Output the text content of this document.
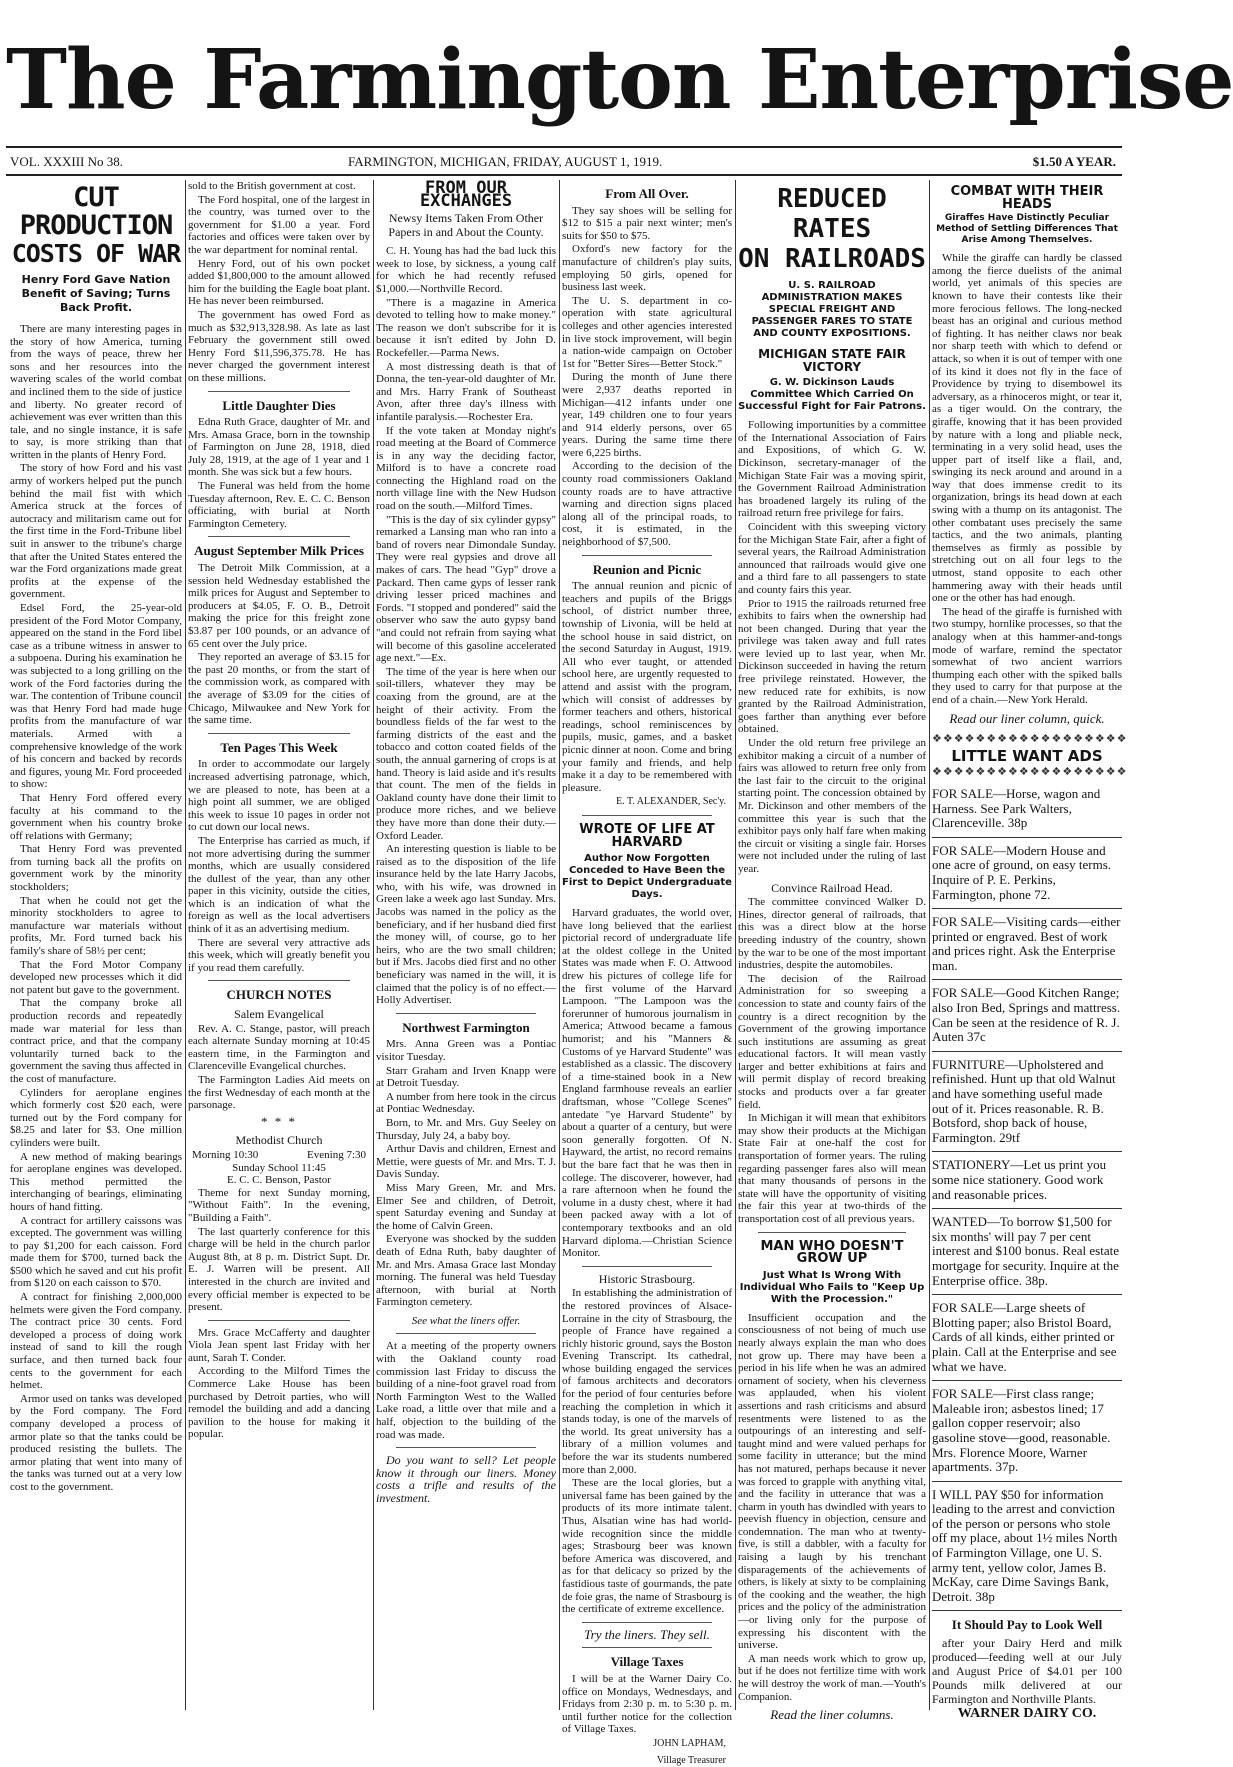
The Farmington Enterprise
VOL. XXXIII No 38.	FARMINGTON, MICHIGAN, FRIDAY, AUGUST 1, 1919.	$1.50 A YEAR.
CUT PRODUCTION
COSTS OF WAR
Henry Ford Gave Nation Benefit of Saving; Turns Back Profit.

There are many interesting pages in the story of how America, turning from the ways of peace, threw her sons and her resources into the wavering scales of the world combat and inclined them to the side of justice and liberty. No greater record of achievement was ever written than this tale, and no single instance, it is safe to say, is more striking than that written in the plants of Henry Ford.

The story of how Ford and his vast army of workers helped put the punch behind the mail fist with which America struck at the forces of autocracy and militarism came out for the first time in the Ford-Tribune libel suit in answer to the tribune's charge that after the United States entered the war the Ford organizations made great profits at the expense of the government.

Edsel Ford, the 25-year-old president of the Ford Motor Company, appeared on the stand in the Ford libel case as a tribune witness in answer to a subpoena. During his examination he was subjected to a long grilling on the work of the Ford factories during the war. The contention of Tribune council was that Henry Ford had made huge profits from the manufacture of war materials. Armed with a comprehensive knowledge of the work of his concern and backed by records and figures, young Mr. Ford proceeded to show:

That Henry Ford offered every faculty at his command to the government when his country broke off relations with Germany;

That Henry Ford was prevented from turning back all the profits on government work by the minority stockholders;

That when he could not get the minority stockholders to agree to manufacture war materials without profits, Mr. Ford turned back his family's share of 58½ per cent;

That the Ford Motor Company developed new processes which it did not patent but gave to the government.

That the company broke all production records and repeatedly made war material for less than contract price, and that the company voluntarily turned back to the government the saving thus affected in the cost of manufacture.

Cylinders for aeroplane engines which formerly cost $20 each, were turned out by the Ford company for $8.25 and later for $3. One million cylinders were built.

A new method of making bearings for aeroplane engines was developed. This method permitted the interchanging of bearings, eliminating hours of hand fitting.

A contract for artillery caissons was excepted. The government was willing to pay $1,200 for each caisson. Ford made them for $700, turned back the $500 which he saved and cut his profit from $120 on each caisson to $70.

A contract for finishing 2,000,000 helmets were given the Ford company. The contract price 30 cents. Ford developed a process of doing work instead of sand to kill the rough surface, and then turned back four cents to the government for each helmet.

Armor used on tanks was developed by the Ford company. The Ford company developed a process of armor plate so that the tanks could be produced resisting the bullets. The armor plating that went into many of the tanks was turned out at a very low cost to the government.

sold to the British government at cost.

The Ford hospital, one of the largest in the country, was turned over to the government for $1.00 a year. Ford factories and offices were taken over by the war department for nominal rental.

Henry Ford, out of his own pocket added $1,800,000 to the amount allowed him for the building the Eagle boat plant. He has never been reimbursed.

The government has owed Ford as much as $32,913,328.98. As late as last February the government still owed Henry Ford $11,596,375.78. He has never charged the government interest on these millions.

Little Daughter Dies

Edna Ruth Grace, daughter of Mr. and Mrs. Amasa Grace, born in the township of Farmington on June 28, 1918, died July 28, 1919, at the age of 1 year and 1 month. She was sick but a few hours.

The Funeral was held from the home Tuesday afternoon, Rev. E. C. C. Benson officiating, with burial at North Farmington Cemetery.

August September Milk Prices

The Detroit Milk Commission, at a session held Wednesday established the milk prices for August and September to producers at $4.05, F. O. B., Detroit making the price for this freight zone $3.87 per 100 pounds, or an advance of 65 cent over the July price.

They reported an average of $3.15 for the past 20 months, or from the start of the commission work, as compared with the average of $3.09 for the cities of Chicago, Milwaukee and New York for the same time.

Ten Pages This Week

In order to accommodate our largely increased advertising patronage, which, we are pleased to note, has been at a high point all summer, we are obliged this week to issue 10 pages in order not to cut down our local news.

The Enterprise has carried as much, if not more advertising during the summer months, which are usually considered the dullest of the year, than any other paper in this vicinity, outside the cities, which is an indication of what the foreign as well as the local advertisers think of it as an advertising medium.

There are several very attractive ads this week, which will greatly benefit you if you read them carefully.

CHURCH NOTES
Salem Evangelical

Rev. A. C. Stange, pastor, will preach each alternate Sunday morning at 10:45 eastern time, in the Farmington and Clarenceville Evangelical churches.

The Farmington Ladies Aid meets on the first Wednesday of each month at the parsonage.

* * *
Methodist Church
Morning 10:30	Evening 7:30
Sunday School 11:45
E. C. C. Benson, Pastor

Theme for next Sunday morning, "Without Faith". In the evening, "Building a Faith".

The last quarterly conference for this charge will be held in the church parlor August 8th, at 8 p. m. District Supt. Dr. E. J. Warren will be present. All interested in the church are invited and every official member is expected to be present.

Mrs. Grace McCafferty and daughter Viola Jean spent last Friday with her aunt, Sarah T. Conder.

According to the Milford Times the Commerce Lake House has been purchased by Detroit parties, who will remodel the building and add a dancing pavilion to the house for making it popular.

FROM OUR EXCHANGES
Newsy Items Taken From Other Papers in and About the County.

C. H. Young has had the bad luck this week to lose, by sickness, a young calf for which he had recently refused $1,000.—Northville Record.

"There is a magazine in America devoted to telling how to make money." The reason we don't subscribe for it is because it isn't edited by John D. Rockefeller.—Parma News.

A most distressing death is that of Donna, the ten-year-old daughter of Mr. and Mrs. Harry Frank of Southeast Avon, after three day's illness with infantile paralysis.—Rochester Era.

If the vote taken at Monday night's road meeting at the Board of Commerce is in any way the deciding factor, Milford is to have a concrete road connecting the Highland road on the north village line with the New Hudson road on the south.—Milford Times.

"This is the day of six cylinder gypsy" remarked a Lansing man who ran into a band of rovers near Dimondale Sunday. They were real gypsies and drove all makes of cars. The head "Gyp" drove a Packard. Then came gyps of lesser rank driving lesser priced machines and Fords. "I stopped and pondered" said the observer who saw the auto gypsy band "and could not refrain from saying what will become of this gasoline accelerated age next."—Ex.

The time of the year is here when our soil-tillers, whatever they may be coaxing from the ground, are at the height of their activity. From the boundless fields of the far west to the farming districts of the east and the tobacco and cotton coated fields of the south, the annual garnering of crops is at hand. Theory is laid aside and it's results that count. The men of the fields in Oakland county have done their limit to produce more riches, and we believe they have more than done their duty.—Oxford Leader.

An interesting question is liable to be raised as to the disposition of the life insurance held by the late Harry Jacobs, who, with his wife, was drowned in Green lake a week ago last Sunday. Mrs. Jacobs was named in the policy as the beneficiary, and if her husband died first the money will, of course, go to her heirs, who are the two small children; but if Mrs. Jacobs died first and no other beneficiary was named in the will, it is claimed that the policy is of no effect.—Holly Advertiser.

Northwest Farmington

Mrs. Anna Green was a Pontiac visitor Tuesday.

Starr Graham and Irven Knapp were at Detroit Tuesday.

A number from here took in the circus at Pontiac Wednesday.

Born, to Mr. and Mrs. Guy Seeley on Thursday, July 24, a baby boy.

Arthur Davis and children, Ernest and Mettie, were guests of Mr. and Mrs. T. J. Davis Sunday.

Miss Mary Green, Mr. and Mrs. Elmer See and children, of Detroit, spent Saturday evening and Sunday at the home of Calvin Green.

Everyone was shocked by the sudden death of Edna Ruth, baby daughter of Mr. and Mrs. Amasa Grace last Monday morning. The funeral was held Tuesday afternoon, with burial at North Farmington cemetery.

See what the liners offer.

At a meeting of the property owners with the Oakland county road commission last Friday to discuss the building of a nine-foot gravel road from North Farmington West to the Walled Lake road, a little over that mile and a half, objection to the building of the road was made.

Do you want to sell? Let people know it through our liners. Money costs a trifle and results of the investment.

From All Over.

They say shoes will be selling for $12 to $15 a pair next winter; men's suits for $50 to $75.

Oxford's new factory for the manufacture of children's play suits, employing 50 girls, opened for business last week.

The U. S. department in co-operation with state agricultural colleges and other agencies interested in live stock improvement, will begin a nation-wide campaign on October 1st for "Better Sires—Better Stock."

During the month of June there were 2,937 deaths reported in Michigan—412 infants under one year, 149 children one to four years and 914 elderly persons, over 65 years. During the same time there were 6,225 births.

According to the decision of the county road commissioners Oakland county roads are to have attractive warning and direction signs placed along all of the principal roads, to cost, it is estimated, in the neighborhood of $7,500.

Reunion and Picnic

The annual reunion and picnic of teachers and pupils of the Briggs school, of district number three, township of Livonia, will be held at the school house in said district, on the second Saturday in August, 1919. All who ever taught, or attended school here, are urgently requested to attend and assist with the program, which will consist of addresses by former teachers and others, historical readings, school reminiscences by pupils, music, games, and a basket picnic dinner at noon. Come and bring your family and friends, and help make it a day to be remembered with pleasure.

E. T. ALEXANDER, Sec'y.
WROTE OF LIFE AT HARVARD
Author Now Forgotten Conceded to Have Been the First to Depict Undergraduate Days.

Harvard graduates, the world over, have long believed that the earliest pictorial record of undergraduate life at the oldest college in the United States was made when F. O. Attwood drew his pictures of college life for the first volume of the Harvard Lampoon. "The Lampoon was the forerunner of humorous journalism in America; Attwood became a famous humorist; and his "Manners & Customs of ye Harvard Studente" was established as a classic. The discovery of a time-stained book in a New England farmhouse reveals an earlier draftsman, whose "College Scenes" antedate "ye Harvard Studente" by about a quarter of a century, but were soon generally forgotten. Of N. Hayward, the artist, no record remains but the bare fact that he was then in college. The discoverer, however, had a rare afternoon when he found the volume in a dusty chest, where it had been packed away with a lot of contemporary textbooks and an old Harvard diploma.—Christian Science Monitor.

Historic Strasbourg.

In establishing the administration of the restored provinces of Alsace-Lorraine in the city of Strasbourg, the people of France have regained a richly historic ground, says the Boston Evening Transcript. Its cathedral, whose building engaged the services of famous architects and decorators for the period of four centuries before reaching the completion in which it stands today, is one of the marvels of the world. Its great university has a library of a million volumes and before the war its students numbered more than 2,000.

These are the local glories, but a universal fame has been gained by the products of its more intimate talent. Thus, Alsatian wine has had world-wide recognition since the middle ages; Strasbourg beer was known before America was discovered, and as for that delicacy so prized by the fastidious taste of gourmands, the pate de foie gras, the name of Strasbourg is the certificate of extreme excellence.

Try the liners. They sell.
Village Taxes

I will be at the Warner Dairy Co. office on Mondays, Wednesdays, and Fridays from 2:30 p. m. to 5:30 p. m. until further notice for the collection of Village Taxes.

JOHN LAPHAM,
Village Treasurer
REDUCED RATES
ON RAILROADS
U. S. RAILROAD ADMINISTRATION MAKES SPECIAL FREIGHT AND PASSENGER FARES TO STATE AND COUNTY EXPOSITIONS.
MICHIGAN STATE FAIR VICTORY
G. W. Dickinson Lauds Committee Which Carried On Successful Fight for Fair Patrons.

Following importunities by a committee of the International Association of Fairs and Expositions, of which G. W. Dickinson, secretary-manager of the Michigan State Fair was a moving spirit, the Government Railroad Administration has broadened largely its ruling of the railroad return free privilege for fairs.

Coincident with this sweeping victory for the Michigan State Fair, after a fight of several years, the Railroad Administration announced that railroads would give one and a third fare to all passengers to state and county fairs this year.

Prior to 1915 the railroads returned free exhibits to fairs when the ownership had not been changed. During that year the privilege was taken away and full rates were levied up to last year, when Mr. Dickinson succeeded in having the return free privilege reinstated. However, the new reduced rate for exhibits, is now granted by the Railroad Administration, goes farther than anything ever before obtained.

Under the old return free privilege an exhibitor making a circuit of a number of fairs was allowed to return free only from the last fair to the circuit to the original starting point. The concession obtained by Mr. Dickinson and other members of the committee this year is such that the exhibitor pays only half fare when making the circuit or visiting a single fair. Horses were not included under the ruling of last year.

Convince Railroad Head.

The committee convinced Walker D. Hines, director general of railroads, that this was a direct blow at the horse breeding industry of the country, shown by the war to be one of the most important industries, despite the automobiles.

The decision of the Railroad Administration for so sweeping a concession to state and county fairs of the country is a direct recognition by the Government of the growing importance such institutions are assuming as great educational factors. It will mean vastly larger and better exhibitions at fairs and will permit display of record breaking stocks and products over a far greater field.

In Michigan it will mean that exhibitors may show their products at the Michigan State Fair at one-half the cost for transportation of former years. The ruling regarding passenger fares also will mean that many thousands of persons in the state will have the opportunity of visiting the fair this year at two-thirds of the transportation cost of all previous years.

MAN WHO DOESN'T GROW UP
Just What Is Wrong With Individual Who Fails to "Keep Up With the Procession."

Insufficient occupation and the consciousness of not being of much use nearly always explain the man who does not grow up. There may have been a period in his life when he was an admired ornament of society, when his cleverness was applauded, when his violent assertions and rash criticisms and absurd resentments were listened to as the outpourings of an interesting and self-taught mind and were valued perhaps for some facility in utterance; but the mind has not matured, perhaps because it never was forced to grapple with anything vital, and the facility in utterance that was a charm in youth has dwindled with years to peevish fluency in objection, censure and condemnation. The man who at twenty-five, is still a dabbler, with a faculty for raising a laugh by his trenchant disparagements of the achievements of others, is likely at sixty to be complaining of the cooking and the weather, the high prices and the policy of the administration—or living only for the purpose of expressing his discontent with the universe.

A man needs work which to grow up, but if he does not fertilize time with work he will destroy the work of man.—Youth's Companion.

Read the liner columns.
COMBAT WITH THEIR HEADS
Giraffes Have Distinctly Peculiar Method of Settling Differences That Arise Among Themselves.

While the giraffe can hardly be classed among the fierce duelists of the animal world, yet animals of this species are known to have their contests like their more ferocious fellows. The long-necked beast has an original and curious method of fighting. It has neither claws nor beak nor sharp teeth with which to defend or attack, so when it is out of temper with one of its kind it does not fly in the face of Providence by trying to disembowel its adversary, as a rhinoceros might, or tear it, as a tiger would. On the contrary, the giraffe, knowing that it has been provided by nature with a long and pliable neck, terminating in a very solid head, uses the upper part of itself like a flail, and, swinging its neck around and around in a way that does immense credit to its organization, brings its head down at each swing with a thump on its antagonist. The other combatant uses precisely the same tactics, and the two animals, planting themselves as firmly as possible by stretching out on all four legs to the utmost, stand opposite to each other hammering away with their heads until one or the other has had enough.

The head of the giraffe is furnished with two stumpy, hornlike processes, so that the analogy when at this hammer-and-tongs mode of warfare, remind the spectator somewhat of two ancient warriors thumping each other with the spiked balls they used to carry for that purpose at the end of a chain.—New York Herald.

Read our liner column, quick.
❖❖❖❖❖❖❖❖❖❖❖❖❖❖❖❖❖❖
LITTLE WANT ADS
❖❖❖❖❖❖❖❖❖❖❖❖❖❖❖❖❖❖

FOR SALE—Horse, wagon and Harness. See Park Walters, Clarenceville. 38p

FOR SALE—Modern House and one acre of ground, on easy terms. Inquire of P. E. Perkins, Farmington, phone 72.

FOR SALE—Visiting cards—either printed or engraved. Best of work and prices right. Ask the Enterprise man.

FOR SALE—Good Kitchen Range; also Iron Bed, Springs and mattress. Can be seen at the residence of R. J. Auten 37c

FURNITURE—Upholstered and refinished. Hunt up that old Walnut and have something useful made out of it. Prices reasonable. R. B. Botsford, shop back of house, Farmington. 29tf

STATIONERY—Let us print you some nice stationery. Good work and reasonable prices.

WANTED—To borrow $1,500 for six months' will pay 7 per cent interest and $100 bonus. Real estate mortgage for security. Inquire at the Enterprise office. 38p.

FOR SALE—Large sheets of Blotting paper; also Bristol Board, Cards of all kinds, either printed or plain. Call at the Enterprise and see what we have.

FOR SALE—First class range; Maleable iron; asbestos lined; 17 gallon copper reservoir; also gasoline stove—good, reasonable. Mrs. Florence Moore, Warner apartments. 37p.

I WILL PAY $50 for information leading to the arrest and conviction of the person or persons who stole off my place, about 1½ miles North of Farmington Village, one U. S. army tent, yellow color, James B. McKay, care Dime Savings Bank, Detroit. 38p

It Should Pay to Look Well

after your Dairy Herd and milk produced—feeding well at our July and August Price of $4.01 per 100 Pounds milk delivered at our Farmington and Northville Plants.

WARNER DAIRY CO.
